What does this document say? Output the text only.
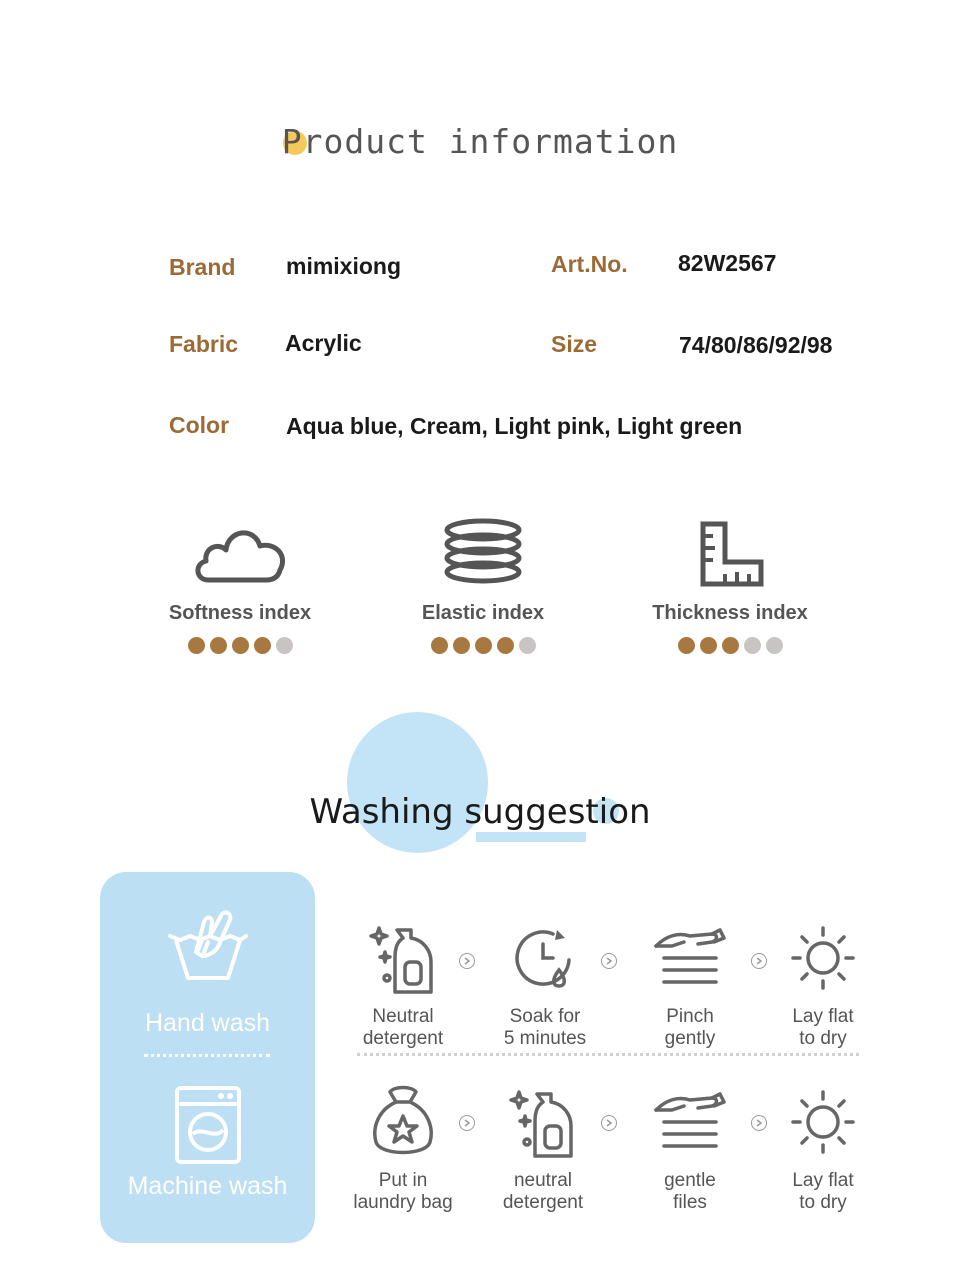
Product information
Brand mimixiong	Art.No. 82W2567
Fabric Acrylic	Size	74/80/86/92/98
Color Aqua blue, Cream, Light pink, Light green
Softness index	Elastic index	Thickness index
Washing suggestion
Hand wash
Machine wash
Neutral
detergent
Soak for
5 minutes
Pinch
gently
Lay flat
to dry
Put in
laundry bag
neutral
detergent
gentle
files
Lay flat
to dry
